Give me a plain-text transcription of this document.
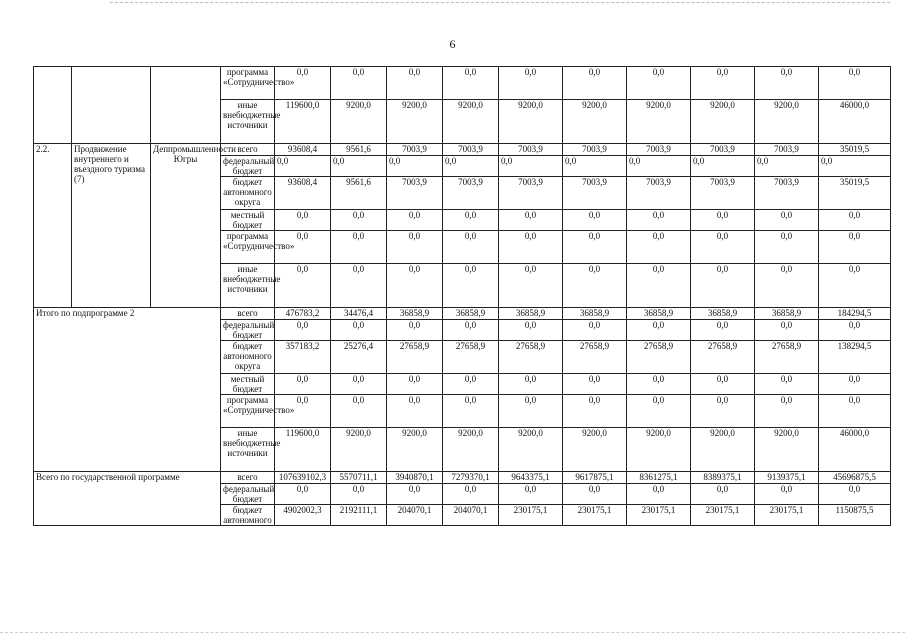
6
			программа «Сотрудничество»	0,0	0,0	0,0	0,0	0,0	0,0	0,0	0,0	0,0	0,0
			иные внебюджетные источники	119600,0	9200,0	9200,0	9200,0	9200,0	9200,0	9200,0	9200,0	9200,0	46000,0
2.2.	Продвижение внутреннего и въездного туризма (7)	Деппромышленности Югры	всего	93608,4	9561,6	7003,9	7003,9	7003,9	7003,9	7003,9	7003,9	7003,9	35019,5
			федеральный бюджет	0,0	0,0	0,0	0,0	0,0	0,0	0,0	0,0	0,0	0,0
			бюджет автономного округа	93608,4	9561,6	7003,9	7003,9	7003,9	7003,9	7003,9	7003,9	7003,9	35019,5
			местный бюджет	0,0	0,0	0,0	0,0	0,0	0,0	0,0	0,0	0,0	0,0
			программа «Сотрудничество»	0,0	0,0	0,0	0,0	0,0	0,0	0,0	0,0	0,0	0,0
			иные внебюджетные источники	0,0	0,0	0,0	0,0	0,0	0,0	0,0	0,0	0,0	0,0
Итого по подпрограмме 2			всего	476783,2	34476,4	36858,9	36858,9	36858,9	36858,9	36858,9	36858,9	36858,9	184294,5
			федеральный бюджет	0,0	0,0	0,0	0,0	0,0	0,0	0,0	0,0	0,0	0,0
			бюджет автономного округа	357183,2	25276,4	27658,9	27658,9	27658,9	27658,9	27658,9	27658,9	27658,9	138294,5
			местный бюджет	0,0	0,0	0,0	0,0	0,0	0,0	0,0	0,0	0,0	0,0
			программа «Сотрудничество»	0,0	0,0	0,0	0,0	0,0	0,0	0,0	0,0	0,0	0,0
			иные внебюджетные источники	119600,0	9200,0	9200,0	9200,0	9200,0	9200,0	9200,0	9200,0	9200,0	46000,0
Всего по государственной программе			всего	107639102,3	5570711,1	3940870,1	7279370,1	9643375,1	9617875,1	8361275,1	8389375,1	9139375,1	45696875,5
			федеральный бюджет	0,0	0,0	0,0	0,0	0,0	0,0	0,0	0,0	0,0	0,0
			бюджет автономного	4902002,3	2192111,1	204070,1	204070,1	230175,1	230175,1	230175,1	230175,1	230175,1	1150875,5
